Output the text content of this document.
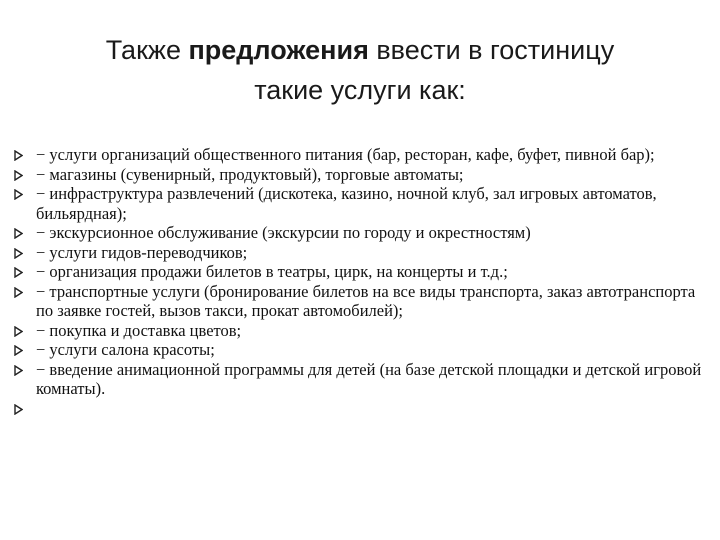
Также предложения ввести в гостиницу
такие услуги как:
− услуги организаций общественного питания (бар, ресторан, кафе, буфет, пивной бар);
− магазины (сувенирный, продуктовый), торговые автоматы;
− инфраструктура развлечений (дискотека, казино, ночной клуб, зал игровых автоматов, бильярдная);
− экскурсионное обслуживание (экскурсии по городу и окрестностям)
− услуги гидов-переводчиков;
− организация продажи билетов в театры, цирк, на концерты и т.д.;
− транспортные услуги (бронирование билетов на все виды транспорта, заказ автотранспорта по заявке гостей, вызов такси, прокат автомобилей);
− покупка и доставка цветов;
− услуги салона красоты;
− введение анимационной программы для детей (на базе детской площадки и детской игровой комнаты).
